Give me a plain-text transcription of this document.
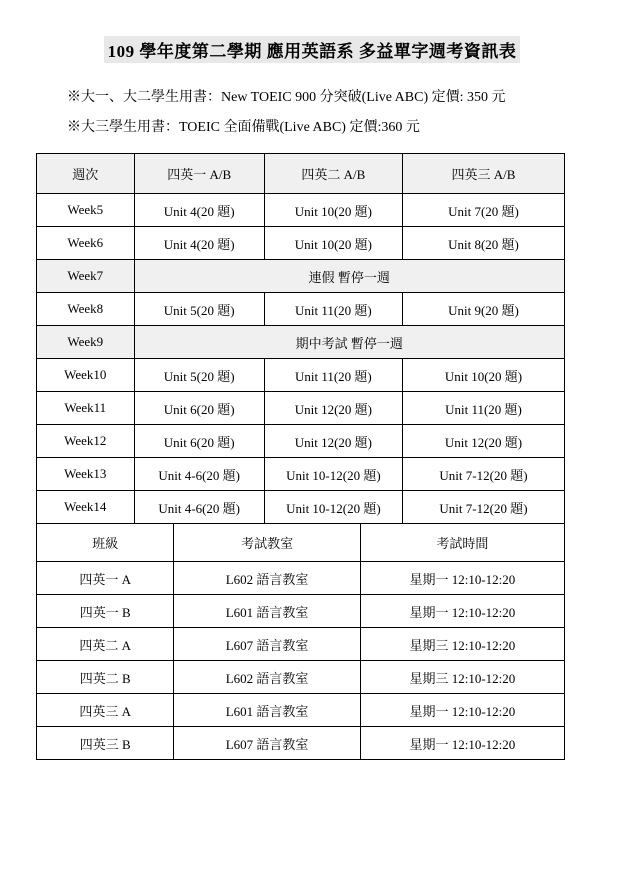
109 學年度第二學期 應用英語系 多益單字週考資訊表
※大一、大二學生用書：New TOEIC 900 分突破(Live ABC) 定價: 350 元
※大三學生用書：TOEIC 全面備戰(Live ABC) 定價:360 元
週次	四英一 A/B	四英二 A/B	四英三 A/B
Week5	Unit 4(20 題)	Unit 10(20 題)	Unit 7(20 題)
Week6	Unit 4(20 題)	Unit 10(20 題)	Unit 8(20 題)
Week7	連假 暫停一週		
Week8	Unit 5(20 題)	Unit 11(20 題)	Unit 9(20 題)
Week9	期中考試 暫停一週		
Week10	Unit 5(20 題)	Unit 11(20 題)	Unit 10(20 題)
Week11	Unit 6(20 題)	Unit 12(20 題)	Unit 11(20 題)
Week12	Unit 6(20 題)	Unit 12(20 題)	Unit 12(20 題)
Week13	Unit 4-6(20 題)	Unit 10-12(20 題)	Unit 7-12(20 題)
Week14	Unit 4-6(20 題)	Unit 10-12(20 題)	Unit 7-12(20 題)
班級	考試教室	考試時間
四英一 A	L602 語言教室	星期一 12:10-12:20
四英一 B	L601 語言教室	星期一 12:10-12:20
四英二 A	L607 語言教室	星期三 12:10-12:20
四英二 B	L602 語言教室	星期三 12:10-12:20
四英三 A	L601 語言教室	星期一 12:10-12:20
四英三 B	L607 語言教室	星期一 12:10-12:20
